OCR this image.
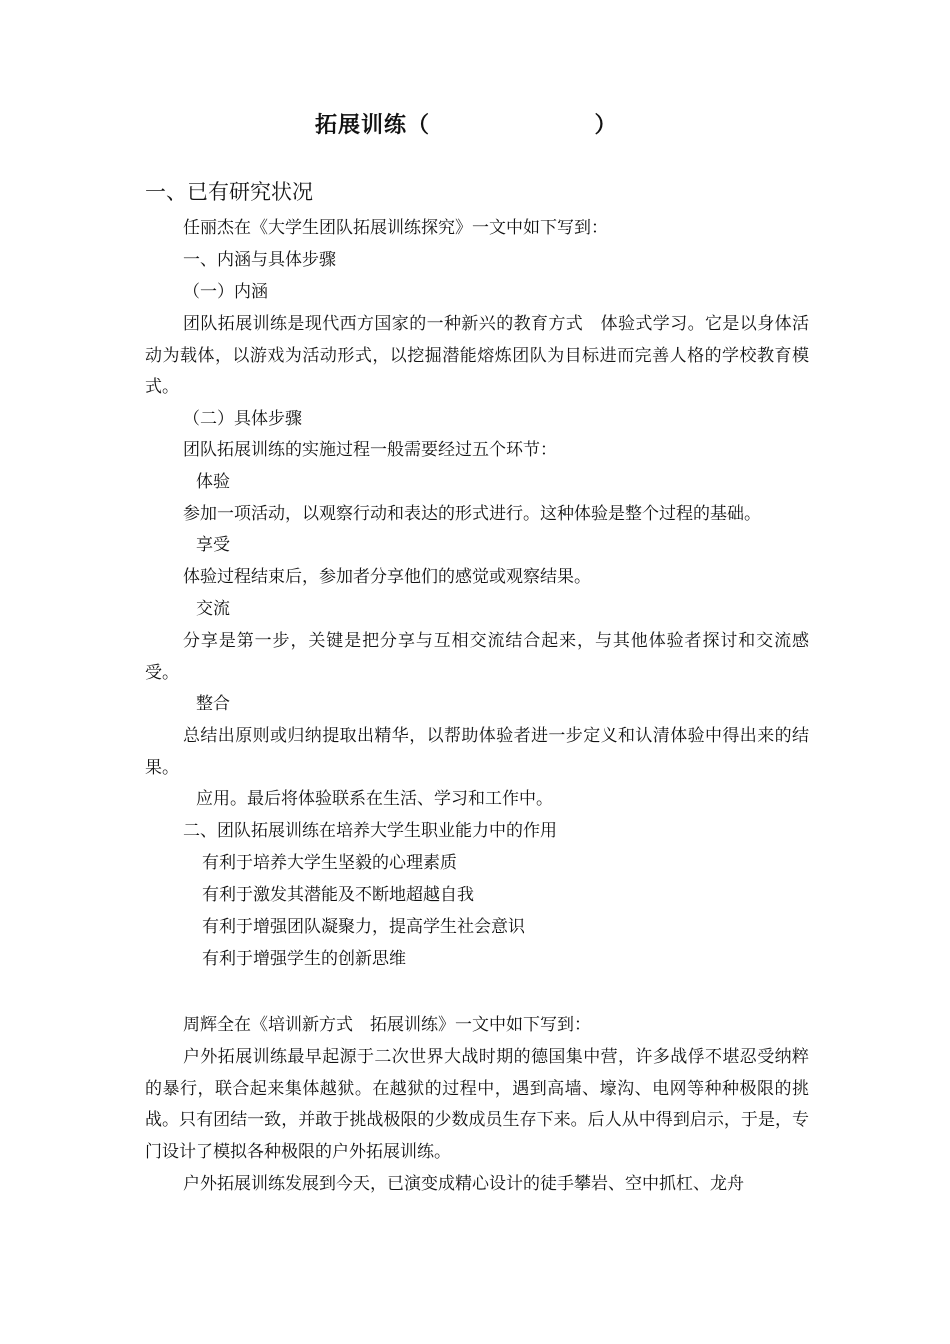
拓展训练（                   ）
一、已有研究状况
任丽杰在《大学生团队拓展训练探究》一文中如下写到：
一、内涵与具体步骤
（一）内涵
团队拓展训练是现代西方国家的一种新兴的教育方式　体验式学习。它是以身体活动为载体，以游戏为活动形式，以挖掘潜能熔炼团队为目标进而完善人格的学校教育模式。
（二）具体步骤
团队拓展训练的实施过程一般需要经过五个环节：
体验
参加一项活动，以观察行动和表达的形式进行。这种体验是整个过程的基础。
享受
体验过程结束后，参加者分享他们的感觉或观察结果。
交流
分享是第一步，关键是把分享与互相交流结合起来，与其他体验者探讨和交流感受。
整合
总结出原则或归纳提取出精华，以帮助体验者进一步定义和认清体验中得出来的结果。
应用。最后将体验联系在生活、学习和工作中。
二、团队拓展训练在培养大学生职业能力中的作用
有利于培养大学生坚毅的心理素质
有利于激发其潜能及不断地超越自我
有利于增强团队凝聚力，提高学生社会意识
有利于增强学生的创新思维
周辉全在《培训新方式　拓展训练》一文中如下写到：
户外拓展训练最早起源于二次世界大战时期的德国集中营，许多战俘不堪忍受纳粹的暴行，联合起来集体越狱。在越狱的过程中，遇到高墙、壕沟、电网等种种极限的挑战。只有团结一致，并敢于挑战极限的少数成员生存下来。后人从中得到启示，于是，专门设计了模拟各种极限的户外拓展训练。
户外拓展训练发展到今天，已演变成精心设计的徒手攀岩、空中抓杠、龙舟
